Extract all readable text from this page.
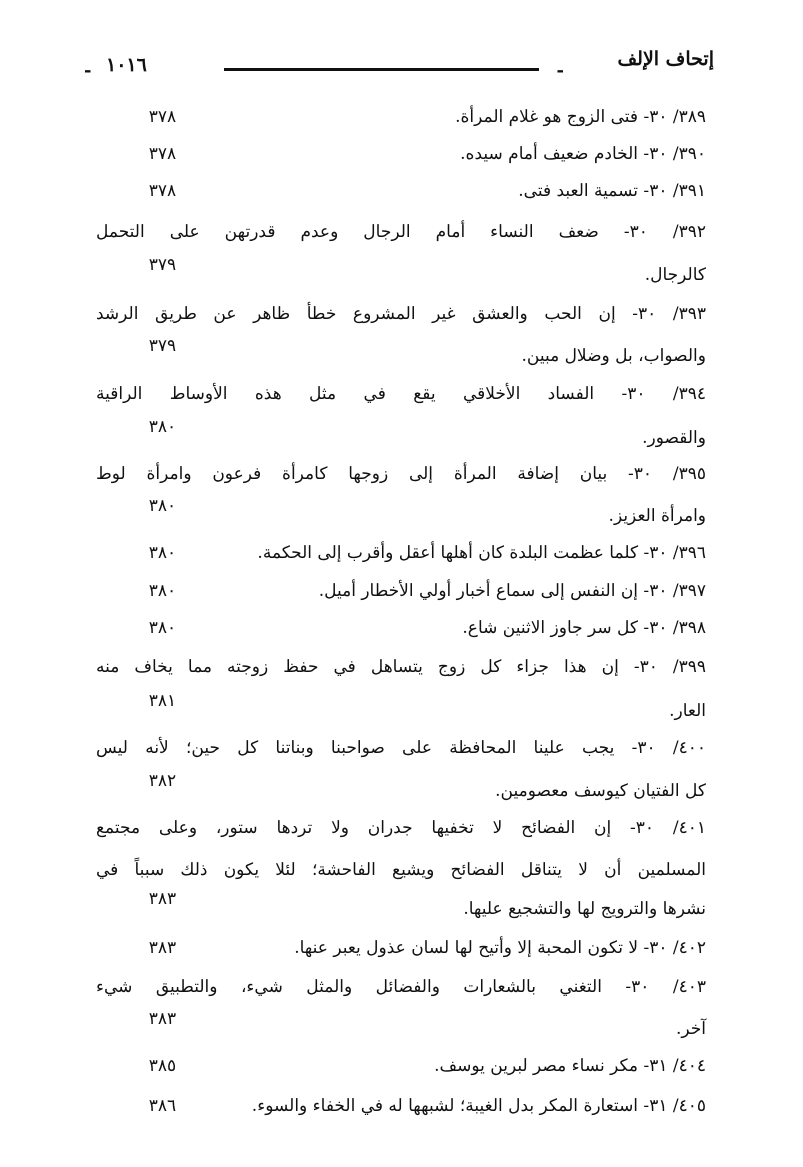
إتحاف الإلف
-
١٠١٦
-
٣٨٩/ ٣٠- فتى الزوج هو غلام المرأة.
٣٧٨
٣٩٠/ ٣٠- الخادم ضعيف أمام سيده.
٣٧٨
٣٩١/ ٣٠- تسمية العبد فتى.
٣٧٨
٣٩٢/ ٣٠- ضعف النساء أمام الرجال وعدم قدرتهن على التحمل
كالرجال.
٣٧٩
٣٩٣/ ٣٠- إن الحب والعشق غير المشروع خطأ ظاهر عن طريق الرشد
والصواب، بل وضلال مبين.
٣٧٩
٣٩٤/ ٣٠- الفساد الأخلاقي يقع في مثل هذه الأوساط الراقية
والقصور.
٣٨٠
٣٩٥/ ٣٠- بيان إضافة المرأة إلى زوجها كامرأة فرعون وامرأة لوط
وامرأة العزيز.
٣٨٠
٣٩٦/ ٣٠- كلما عظمت البلدة كان أهلها أعقل وأقرب إلى الحكمة.
٣٨٠
٣٩٧/ ٣٠- إن النفس إلى سماع أخبار أولي الأخطار أميل.
٣٨٠
٣٩٨/ ٣٠- كل سر جاوز الاثنين شاع.
٣٨٠
٣٩٩/ ٣٠- إن هذا جزاء كل زوج يتساهل في حفظ زوجته مما يخاف منه
العار.
٣٨١
٤٠٠/ ٣٠- يجب علينا المحافظة على صواحبنا وبناتنا كل حين؛ لأنه ليس
كل الفتيان كيوسف معصومين.
٣٨٢
٤٠١/ ٣٠- إن الفضائح لا تخفيها جدران ولا تردها ستور، وعلى مجتمع
المسلمين أن لا يتناقل الفضائح ويشيع الفاحشة؛ لئلا يكون ذلك سبباً في
نشرها والترويج لها والتشجيع عليها.
٣٨٣
٤٠٢/ ٣٠- لا تكون المحبة إلا وأتيح لها لسان عذول يعبر عنها.
٣٨٣
٤٠٣/ ٣٠- التغني بالشعارات والفضائل والمثل شيء، والتطبيق شيء
آخر.
٣٨٣
٤٠٤/ ٣١- مكر نساء مصر لبرين يوسف.
٣٨٥
٤٠٥/ ٣١- استعارة المكر بدل الغيبة؛ لشبهها له في الخفاء والسوء.
٣٨٦
